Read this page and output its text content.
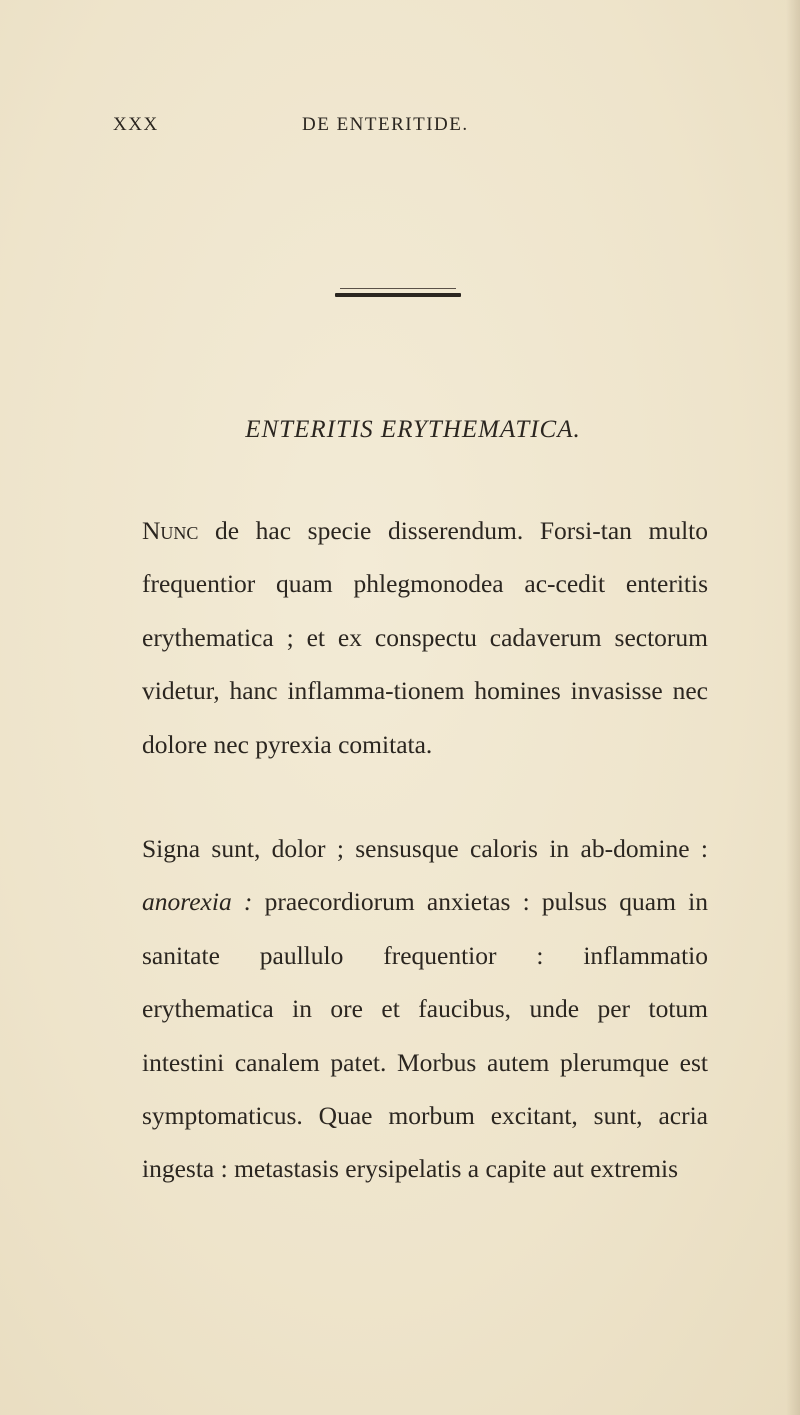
XXX	DE ENTERITIDE.
ENTERITIS ERYTHEMATICA.

Nunc de hac specie disserendum. Forsi-tan multo frequentior quam phlegmonodea ac-cedit enteritis erythematica ; et ex conspectu cadaverum sectorum videtur, hanc inflamma-tionem homines invasisse nec dolore nec pyrexia comitata.

Signa sunt, dolor ; sensusque caloris in ab-domine : anorexia : praecordiorum anxietas : pulsus quam in sanitate paullulo frequentior : inflammatio erythematica in ore et faucibus, unde per totum intestini canalem patet. Morbus autem plerumque est symptomaticus. Quae morbum excitant, sunt, acria ingesta : metastasis erysipelatis a capite aut extremis
